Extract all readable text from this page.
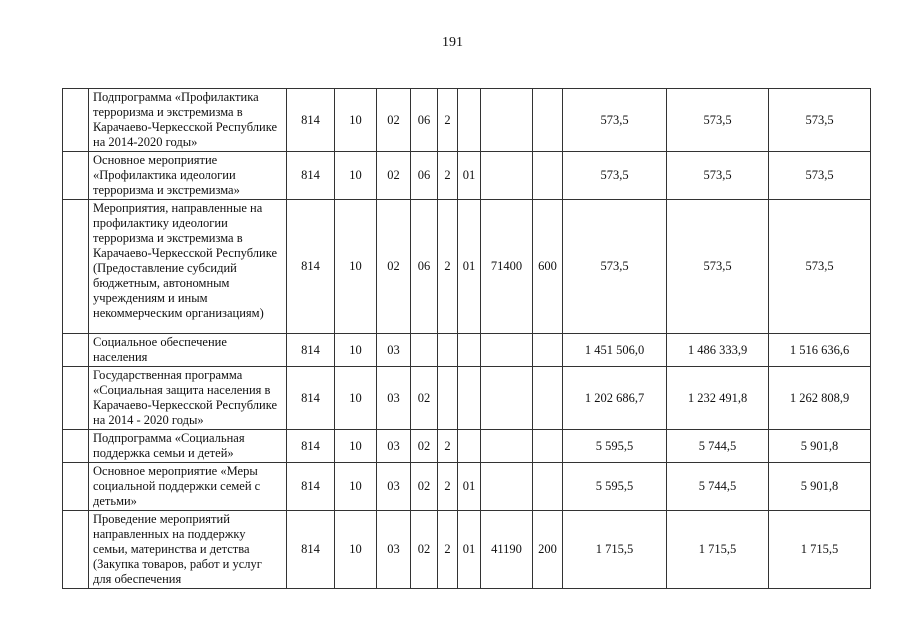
191
	Подпрограмма «Профилактика терроризма и экстремизма в Карачаево-Черкесской Республике на 2014-2020 годы»	814	10	02	06	2				573,5	573,5	573,5
	Основное мероприятие «Профилактика идеологии терроризма и экстремизма»	814	10	02	06	2	01			573,5	573,5	573,5
	Мероприятия, направленные на профилактику идеологии терроризма и экстремизма в Карачаево-Черкесской Республике (Предоставление субсидий бюджетным, автономным учреждениям и иным некоммерческим организациям)	814	10	02	06	2	01	71400	600	573,5	573,5	573,5
	Социальное обеспечение населения	814	10	03						1 451 506,0	1 486 333,9	1 516 636,6
	Государственная программа «Социальная защита населения в Карачаево-Черкесской Республике на 2014 - 2020 годы»	814	10	03	02					1 202 686,7	1 232 491,8	1 262 808,9
	Подпрограмма «Социальная поддержка семьи и детей»	814	10	03	02	2				5 595,5	5 744,5	5 901,8
	Основное мероприятие «Меры социальной поддержки семей с детьми»	814	10	03	02	2	01			5 595,5	5 744,5	5 901,8
	Проведение мероприятий направленных на поддержку семьи, материнства и детства (Закупка товаров, работ и услуг для обеспечения	814	10	03	02	2	01	41190	200	1 715,5	1 715,5	1 715,5
